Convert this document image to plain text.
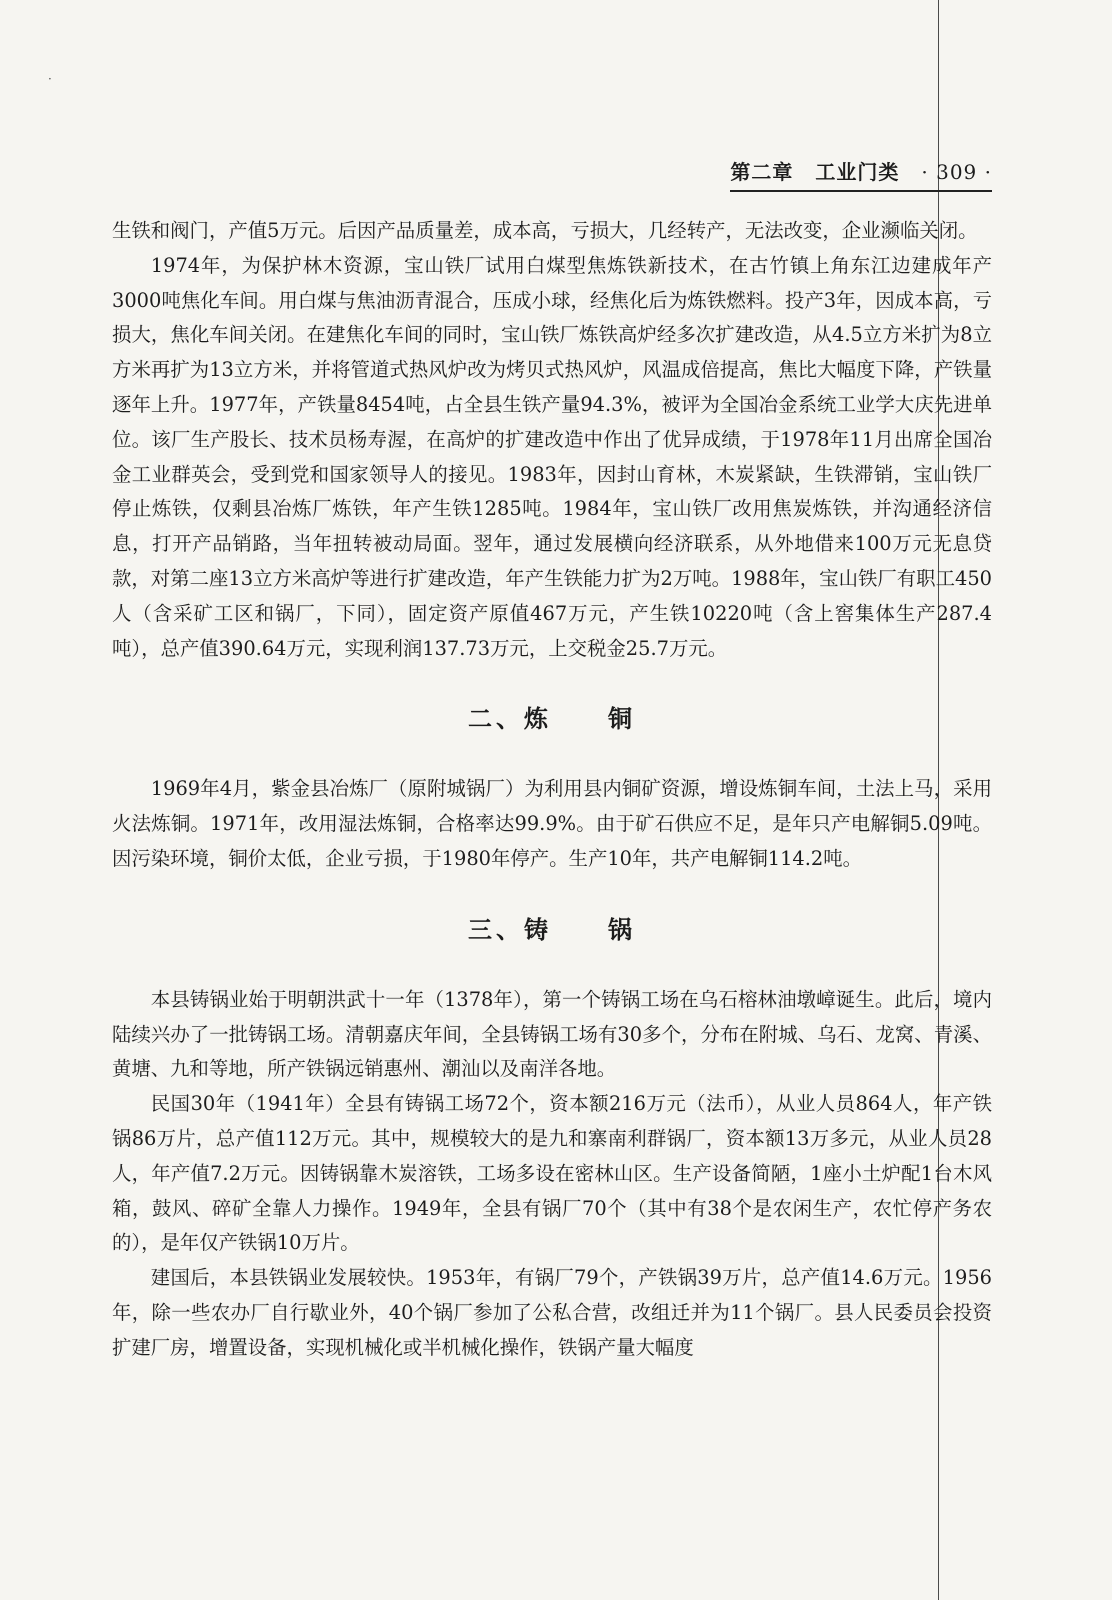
·
第二章 工业门类 · 309 ·

生铁和阀门，产值5万元。后因产品质量差，成本高，亏损大，几经转产，无法改变，企业濒临关闭。

1974年，为保护林木资源，宝山铁厂试用白煤型焦炼铁新技术，在古竹镇上角东江边建成年产3000吨焦化车间。用白煤与焦油沥青混合，压成小球，经焦化后为炼铁燃料。投产3年，因成本高，亏损大，焦化车间关闭。在建焦化车间的同时，宝山铁厂炼铁高炉经多次扩建改造，从4.5立方米扩为8立方米再扩为13立方米，并将管道式热风炉改为烤贝式热风炉，风温成倍提高，焦比大幅度下降，产铁量逐年上升。1977年，产铁量8454吨，占全县生铁产量94.3%，被评为全国冶金系统工业学大庆先进单位。该厂生产股长、技术员杨寿渥，在高炉的扩建改造中作出了优异成绩，于1978年11月出席全国冶金工业群英会，受到党和国家领导人的接见。1983年，因封山育林，木炭紧缺，生铁滞销，宝山铁厂停止炼铁，仅剩县冶炼厂炼铁，年产生铁1285吨。1984年，宝山铁厂改用焦炭炼铁，并沟通经济信息，打开产品销路，当年扭转被动局面。翌年，通过发展横向经济联系，从外地借来100万元无息贷款，对第二座13立方米高炉等进行扩建改造，年产生铁能力扩为2万吨。1988年，宝山铁厂有职工450人（含采矿工区和锅厂，下同），固定资产原值467万元，产生铁10220吨（含上窖集体生产287.4吨），总产值390.64万元，实现利润137.73万元，上交税金25.7万元。

二、炼 铜

1969年4月，紫金县冶炼厂（原附城锅厂）为利用县内铜矿资源，增设炼铜车间，土法上马，采用火法炼铜。1971年，改用湿法炼铜，合格率达99.9%。由于矿石供应不足，是年只产电解铜5.09吨。因污染环境，铜价太低，企业亏损，于1980年停产。生产10年，共产电解铜114.2吨。

三、铸 锅

本县铸锅业始于明朝洪武十一年（1378年），第一个铸锅工场在乌石榕林油墩嶂诞生。此后，境内陆续兴办了一批铸锅工场。清朝嘉庆年间，全县铸锅工场有30多个，分布在附城、乌石、龙窝、青溪、黄塘、九和等地，所产铁锅远销惠州、潮汕以及南洋各地。

民国30年（1941年）全县有铸锅工场72个，资本额216万元（法币），从业人员864人，年产铁锅86万片，总产值112万元。其中，规模较大的是九和寨南利群锅厂，资本额13万多元，从业人员28人，年产值7.2万元。因铸锅靠木炭溶铁，工场多设在密林山区。生产设备简陋，1座小土炉配1台木风箱，鼓风、碎矿全靠人力操作。1949年，全县有锅厂70个（其中有38个是农闲生产，农忙停产务农的），是年仅产铁锅10万片。

建国后，本县铁锅业发展较快。1953年，有锅厂79个，产铁锅39万片，总产值14.6万元。1956年，除一些农办厂自行歇业外，40个锅厂参加了公私合营，改组迁并为11个锅厂。县人民委员会投资扩建厂房，增置设备，实现机械化或半机械化操作，铁锅产量大幅度
